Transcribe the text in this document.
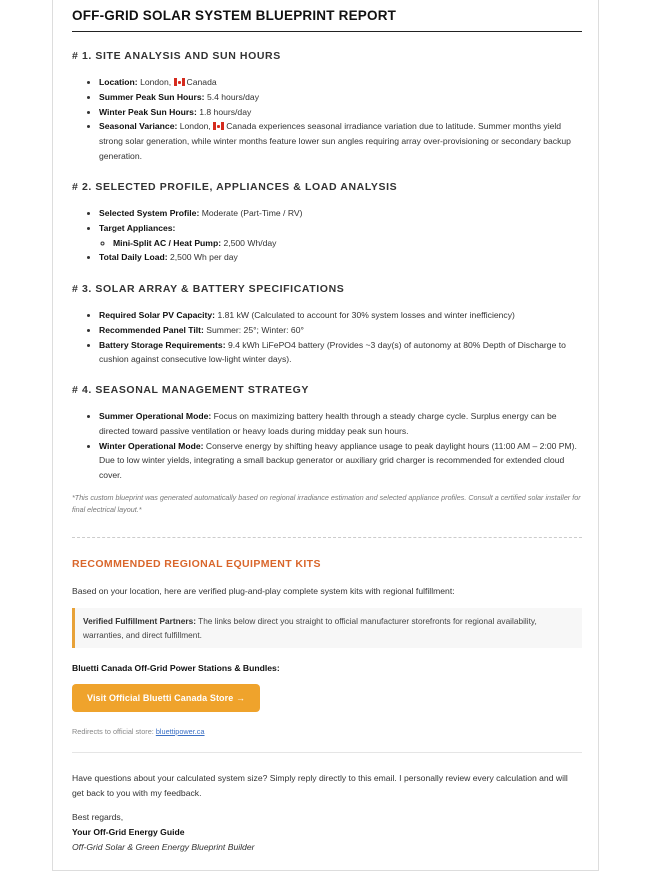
OFF-GRID SOLAR SYSTEM BLUEPRINT REPORT
# 1. SITE ANALYSIS AND SUN HOURS
• Location: London, Canada
• Summer Peak Sun Hours: 5.4 hours/day
• Winter Peak Sun Hours: 1.8 hours/day
• Seasonal Variance: London, Canada experiences seasonal irradiance variation due to latitude. Summer months yield strong solar generation, while winter months feature lower sun angles requiring array over-provisioning or secondary backup generation.
# 2. SELECTED PROFILE, APPLIANCES & LOAD ANALYSIS
• Selected System Profile: Moderate (Part-Time / RV)
• Target Appliances:
◦ Mini-Split AC / Heat Pump: 2,500 Wh/day
• Total Daily Load: 2,500 Wh per day
# 3. SOLAR ARRAY & BATTERY SPECIFICATIONS
• Required Solar PV Capacity: 1.81 kW (Calculated to account for 30% system losses and winter inefficiency)
• Recommended Panel Tilt: Summer: 25°; Winter: 60°
• Battery Storage Requirements: 9.4 kWh LiFePO4 battery (Provides ~3 day(s) of autonomy at 80% Depth of Discharge to cushion against consecutive low-light winter days).
# 4. SEASONAL MANAGEMENT STRATEGY
• Summer Operational Mode: Focus on maximizing battery health through a steady charge cycle. Surplus energy can be directed toward passive ventilation or heavy loads during midday peak sun hours.
• Winter Operational Mode: Conserve energy by shifting heavy appliance usage to peak daylight hours (11:00 AM – 2:00 PM). Due to low winter yields, integrating a small backup generator or auxiliary grid charger is recommended for extended cloud cover.

*This custom blueprint was generated automatically based on regional irradiance estimation and selected appliance profiles. Consult a certified solar installer for final electrical layout.*

RECOMMENDED REGIONAL EQUIPMENT KITS

Based on your location, here are verified plug-and-play complete system kits with regional fulfillment:

Verified Fulfillment Partners: The links below direct you straight to official manufacturer storefronts for regional availability, warranties, and direct fulfillment.

Bluetti Canada Off-Grid Power Stations & Bundles:

Visit Official Bluetti Canada Store →
Redirects to official store: bluettipower.ca

Have questions about your calculated system size? Simply reply directly to this email. I personally review every calculation and will get back to you with my feedback.

Best regards,

Your Off-Grid Energy Guide

Off-Grid Solar & Green Energy Blueprint Builder
